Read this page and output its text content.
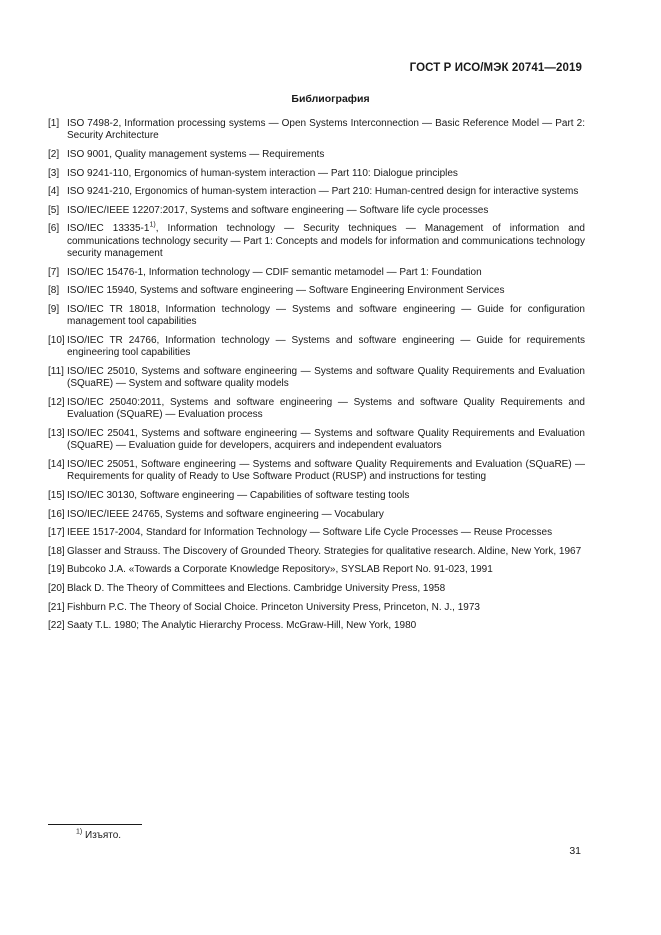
ГОСТ Р ИСО/МЭК 20741—2019
Библиография
[1] ISO 7498-2, Information processing systems — Open Systems Interconnection — Basic Reference Model — Part 2: Security Architecture
[2] ISO 9001, Quality management systems — Requirements
[3] ISO 9241-110, Ergonomics of human-system interaction — Part 110: Dialogue principles
[4] ISO 9241-210, Ergonomics of human-system interaction — Part 210: Human-centred design for interactive systems
[5] ISO/IEC/IEEE 12207:2017, Systems and software engineering — Software life cycle processes
[6] ISO/IEC 13335-1$^{1)}$, Information technology — Security techniques — Management of information and communications technology security — Part 1: Concepts and models for information and communications technology security management
[7] ISO/IEC 15476-1, Information technology — CDIF semantic metamodel — Part 1: Foundation
[8] ISO/IEC 15940, Systems and software engineering — Software Engineering Environment Services
[9] ISO/IEC TR 18018, Information technology — Systems and software engineering — Guide for configuration management tool capabilities
[10] ISO/IEC TR 24766, Information technology — Systems and software engineering — Guide for requirements engineering tool capabilities
[11] ISO/IEC 25010, Systems and software engineering — Systems and software Quality Requirements and Evaluation (SQuaRE) — System and software quality models
[12] ISO/IEC 25040:2011, Systems and software engineering — Systems and software Quality Requirements and Evaluation (SQuaRE) — Evaluation process
[13] ISO/IEC 25041, Systems and software engineering — Systems and software Quality Requirements and Evaluation (SQuaRE) — Evaluation guide for developers, acquirers and independent evaluators
[14] ISO/IEC 25051, Software engineering — Systems and software Quality Requirements and Evaluation (SQuaRE) — Requirements for quality of Ready to Use Software Product (RUSP) and instructions for testing
[15] ISO/IEC 30130, Software engineering — Capabilities of software testing tools
[16] ISO/IEC/IEEE 24765, Systems and software engineering — Vocabulary
[17] IEEE 1517-2004, Standard for Information Technology — Software Life Cycle Processes — Reuse Processes
[18] Glasser and Strauss. The Discovery of Grounded Theory. Strategies for qualitative research. Aldine, New York, 1967
[19] Bubcoko J.A. «Towards a Corporate Knowledge Repository», SYSLAB Report No. 91-023, 1991
[20] Black D. The Theory of Committees and Elections. Cambridge University Press, 1958
[21] Fishburn P.C. The Theory of Social Choice. Princeton University Press, Princeton, N. J., 1973
[22] Saaty T.L. 1980; The Analytic Hierarchy Process. McGraw-Hill, New York, 1980
$^{1)}$ Изъято.
31
